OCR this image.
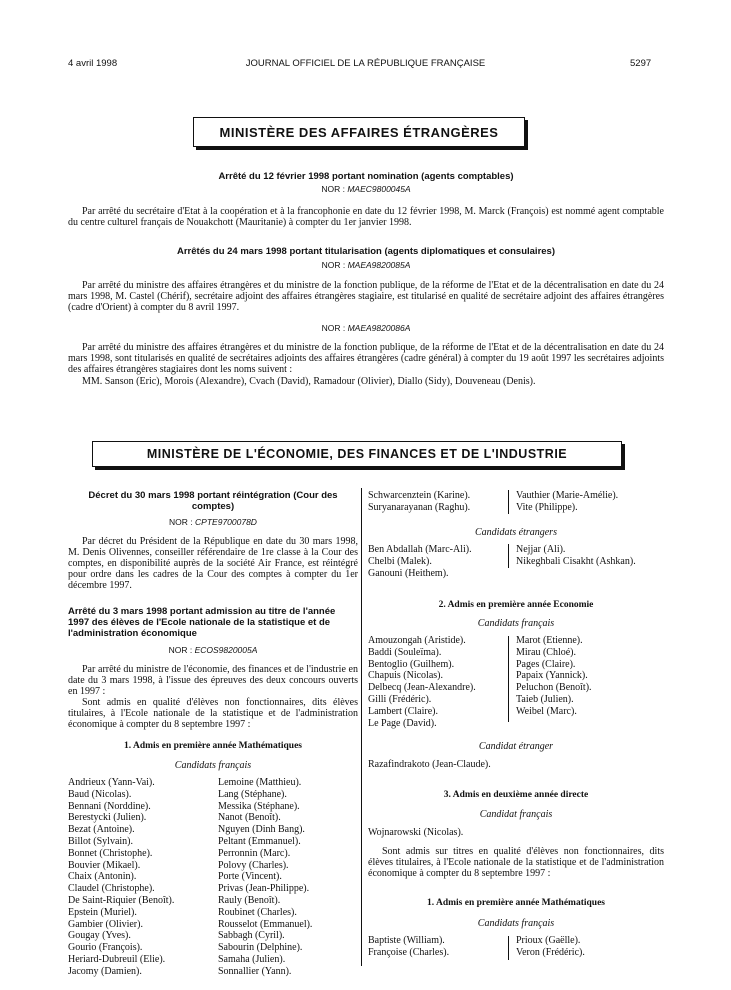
4 avril 1998	JOURNAL OFFICIEL DE LA RÉPUBLIQUE FRANÇAISE	5297
MINISTÈRE DES AFFAIRES ÉTRANGÈRES
Arrêté du 12 février 1998 portant nomination (agents comptables)
NOR : MAEC9800045A
Par arrêté du secrétaire d'Etat à la coopération et à la francophonie en date du 12 février 1998, M. Marck (François) est nommé agent comptable du centre culturel français de Nouakchott (Mauritanie) à compter du 1er janvier 1998.
Arrêtés du 24 mars 1998 portant titularisation (agents diplomatiques et consulaires)
NOR : MAEA9820085A
Par arrêté du ministre des affaires étrangères et du ministre de la fonction publique, de la réforme de l'Etat et de la décentralisation en date du 24 mars 1998, M. Castel (Chérif), secrétaire adjoint des affaires étrangères stagiaire, est titularisé en qualité de secrétaire adjoint des affaires étrangères (cadre d'Orient) à compter du 8 avril 1997.
NOR : MAEA9820086A
Par arrêté du ministre des affaires étrangères et du ministre de la fonction publique, de la réforme de l'Etat et de la décentralisation en date du 24 mars 1998, sont titularisés en qualité de secrétaires adjoints des affaires étrangères (cadre général) à compter du 19 août 1997 les secrétaires adjoints des affaires étrangères stagiaires dont les noms suivent :
MM. Sanson (Eric), Morois (Alexandre), Cvach (David), Ramadour (Olivier), Diallo (Sidy), Douveneau (Denis).
MINISTÈRE DE L'ÉCONOMIE, DES FINANCES ET DE L'INDUSTRIE
Décret du 30 mars 1998 portant réintégration (Cour des comptes)
NOR : CPTE9700078D
Par décret du Président de la République en date du 30 mars 1998, M. Denis Olivennes, conseiller référendaire de 1re classe à la Cour des comptes, en disponibilité auprès de la société Air France, est réintégré pour ordre dans les cadres de la Cour des comptes à compter du 1er décembre 1997.
Arrêté du 3 mars 1998 portant admission au titre de l'année 1997 des élèves de l'Ecole nationale de la statistique et de l'administration économique
NOR : ECOS9820005A
Par arrêté du ministre de l'économie, des finances et de l'industrie en date du 3 mars 1998, à l'issue des épreuves des deux concours ouverts en 1997 :
Sont admis en qualité d'élèves non fonctionnaires, dits élèves titulaires, à l'Ecole nationale de la statistique et de l'administration économique à compter du 8 septembre 1997 :
1. Admis en première année Mathématiques
Candidats français
Andrieux (Yann-Vai).
Baud (Nicolas).
Bennani (Norddine).
Berestycki (Julien).
Bezat (Antoine).
Billot (Sylvain).
Bonnet (Christophe).
Bouvier (Mikael).
Chaix (Antonin).
Claudel (Christophe).
De Saint-Riquier (Benoît).
Epstein (Muriel).
Gambier (Olivier).
Gougay (Yves).
Gourio (François).
Heriard-Dubreuil (Elie).
Jacomy (Damien).
Lemoine (Matthieu).
Lang (Stéphane).
Messika (Stéphane).
Nanot (Benoît).
Nguyen (Dinh Bang).
Peltant (Emmanuel).
Perronnin (Marc).
Polovy (Charles).
Porte (Vincent).
Privas (Jean-Philippe).
Rauly (Benoît).
Roubinet (Charles).
Rousselot (Emmanuel).
Sabbagh (Cyril).
Sabourin (Delphine).
Samaha (Julien).
Sonnallier (Yann).
Schwarcenztein (Karine).
Suryanarayanan (Raghu).
Vauthier (Marie-Amélie).
Vite (Philippe).
Candidats étrangers
Ben Abdallah (Marc-Ali).
Chelbi (Malek).
Ganouni (Heithem).
Nejjar (Ali).
Nikeghbali Cisakht (Ashkan).
2. Admis en première année Economie
Candidats français
Amouzongah (Aristide).
Baddi (Souleïma).
Bentoglio (Guilhem).
Chapuis (Nicolas).
Delbecq (Jean-Alexandre).
Gilli (Frédéric).
Lambert (Claire).
Le Page (David).
Marot (Etienne).
Mirau (Chloé).
Pages (Claire).
Papaix (Yannick).
Peluchon (Benoît).
Taieb (Julien).
Weibel (Marc).
Candidat étranger
Razafindrakoto (Jean-Claude).
3. Admis en deuxième année directe
Candidat français
Wojnarowski (Nicolas).
Sont admis sur titres en qualité d'élèves non fonctionnaires, dits élèves titulaires, à l'Ecole nationale de la statistique et de l'administration économique à compter du 8 septembre 1997 :
1. Admis en première année Mathématiques
Candidats français
Baptiste (William).
Françoise (Charles).
Prioux (Gaëlle).
Veron (Frédéric).
